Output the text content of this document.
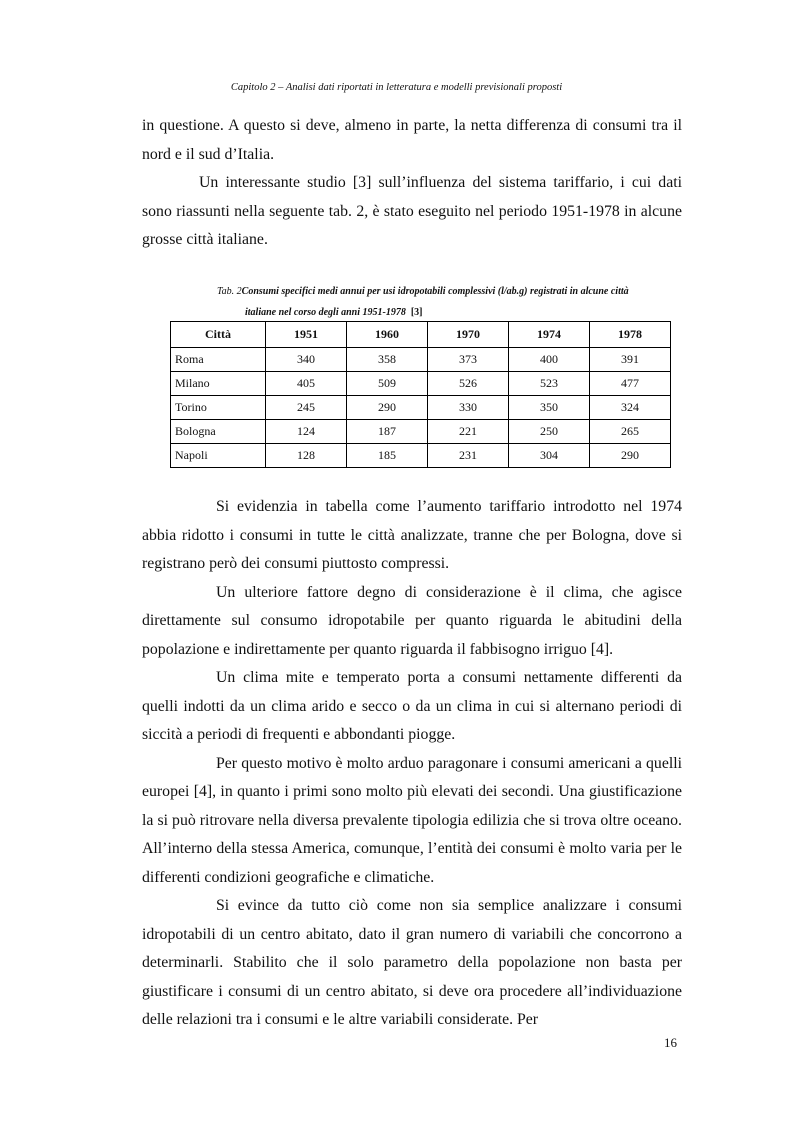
Capitolo 2 – Analisi dati riportati in letteratura e modelli previsionali proposti

in questione. A questo si deve, almeno in parte, la netta differenza di consumi tra il nord e il sud d’Italia.

Un interessante studio [3] sull’influenza del sistema tariffario, i cui dati sono riassunti nella seguente tab. 2, è stato eseguito nel periodo 1951-1978 in alcune grosse città italiane.

Tab. 2Consumi specifici medi annui per usi idropotabili complessivi (l/ab.g) registrati in alcune città
italiane nel corso degli anni 1951-1978 [3]
Città	1951	1960	1970	1974	1978
Roma	340	358	373	400	391
Milano	405	509	526	523	477
Torino	245	290	330	350	324
Bologna	124	187	221	250	265
Napoli	128	185	231	304	290

Si evidenzia in tabella come l’aumento tariffario introdotto nel 1974 abbia ridotto i consumi in tutte le città analizzate, tranne che per Bologna, dove si registrano però dei consumi piuttosto compressi.

Un ulteriore fattore degno di considerazione è il clima, che agisce direttamente sul consumo idropotabile per quanto riguarda le abitudini della popolazione e indirettamente per quanto riguarda il fabbisogno irriguo [4].

Un clima mite e temperato porta a consumi nettamente differenti da quelli indotti da un clima arido e secco o da un clima in cui si alternano periodi di siccità a periodi di frequenti e abbondanti piogge.

Per questo motivo è molto arduo paragonare i consumi americani a quelli europei [4], in quanto i primi sono molto più elevati dei secondi. Una giustificazione la si può ritrovare nella diversa prevalente tipologia edilizia che si trova oltre oceano. All’interno della stessa America, comunque, l’entità dei consumi è molto varia per le differenti condizioni geografiche e climatiche.

Si evince da tutto ciò come non sia semplice analizzare i consumi idropotabili di un centro abitato, dato il gran numero di variabili che concorrono a determinarli. Stabilito che il solo parametro della popolazione non basta per giustificare i consumi di un centro abitato, si deve ora procedere all’individuazione delle relazioni tra i consumi e le altre variabili considerate. Per

16
